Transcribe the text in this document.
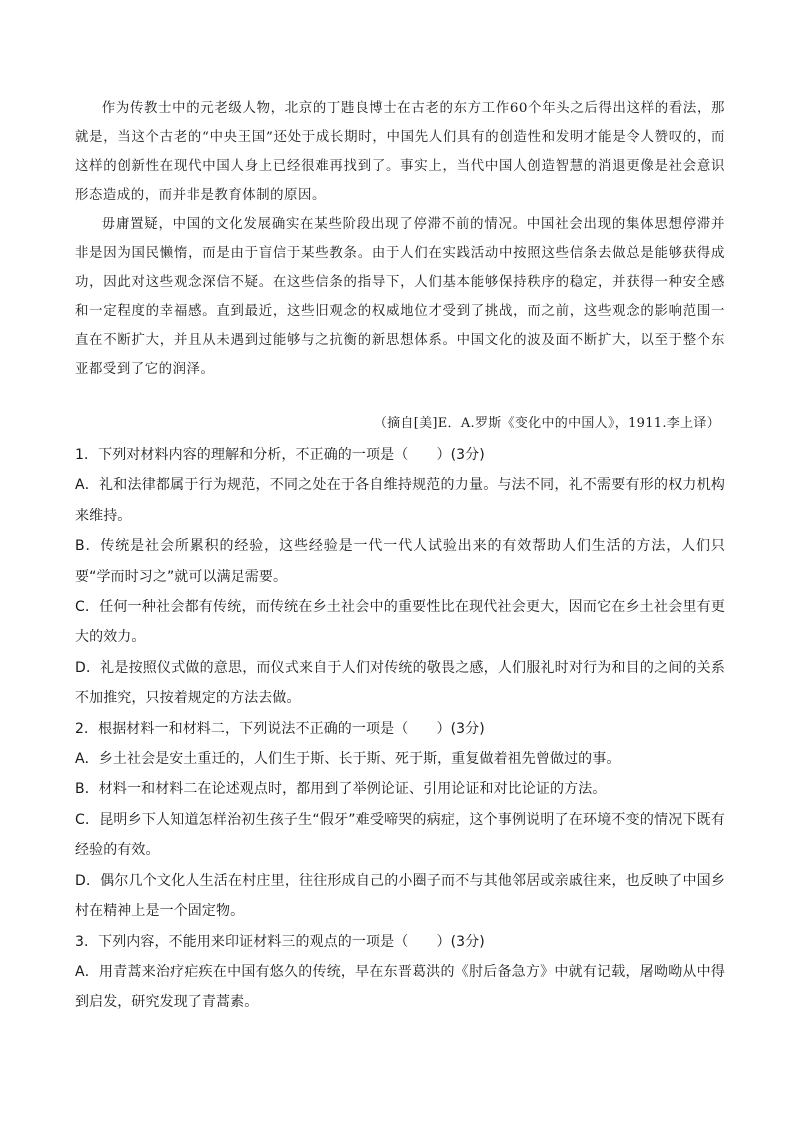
作为传教士中的元老级人物，北京的丁韪良博士在古老的东方工作60个年头之后得出这样的看法，那就是，当这个古老的“中央王国”还处于成长期时，中国先人们具有的创造性和发明才能是令人赞叹的，而这样的创新性在现代中国人身上已经很难再找到了。事实上，当代中国人创造智慧的消退更像是社会意识形态造成的，而并非是教育体制的原因。

毋庸置疑，中国的文化发展确实在某些阶段出现了停滞不前的情况。中国社会出现的集体思想停滞并非是因为国民懒惰，而是由于盲信于某些教条。由于人们在实践活动中按照这些信条去做总是能够获得成功，因此对这些观念深信不疑。在这些信条的指导下，人们基本能够保持秩序的稳定，并获得一种安全感和一定程度的幸福感。直到最近，这些旧观念的权威地位才受到了挑战，而之前，这些观念的影响范围一直在不断扩大，并且从未遇到过能够与之抗衡的新思想体系。中国文化的波及面不断扩大，以至于整个东亚都受到了它的润泽。

（摘自[美]E．A.罗斯《变化中的中国人》，1911.李上译）

1．下列对材料内容的理解和分析，不正确的一项是（　　）(3分)

A．礼和法律都属于行为规范，不同之处在于各自维持规范的力量。与法不同，礼不需要有形的权力机构来维持。

B．传统是社会所累积的经验，这些经验是一代一代人试验出来的有效帮助人们生活的方法，人们只要“学而时习之”就可以满足需要。

C．任何一种社会都有传统，而传统在乡土社会中的重要性比在现代社会更大，因而它在乡土社会里有更大的效力。

D．礼是按照仪式做的意思，而仪式来自于人们对传统的敬畏之感，人们服礼时对行为和目的之间的关系不加推究，只按着规定的方法去做。

2．根据材料一和材料二，下列说法不正确的一项是（　　）(3分)

A．乡土社会是安土重迁的，人们生于斯、长于斯、死于斯，重复做着祖先曾做过的事。

B．材料一和材料二在论述观点时，都用到了举例论证、引用论证和对比论证的方法。

C．昆明乡下人知道怎样治初生孩子生“假牙”难受啼哭的病症，这个事例说明了在环境不变的情况下既有经验的有效。

D．偶尔几个文化人生活在村庄里，往往形成自己的小圈子而不与其他邻居或亲戚往来，也反映了中国乡村在精神上是一个固定物。

3．下列内容，不能用来印证材料三的观点的一项是（　　）(3分)

A．用青蒿来治疗疟疾在中国有悠久的传统，早在东晋葛洪的《肘后备急方》中就有记载，屠呦呦从中得到启发，研究发现了青蒿素。
